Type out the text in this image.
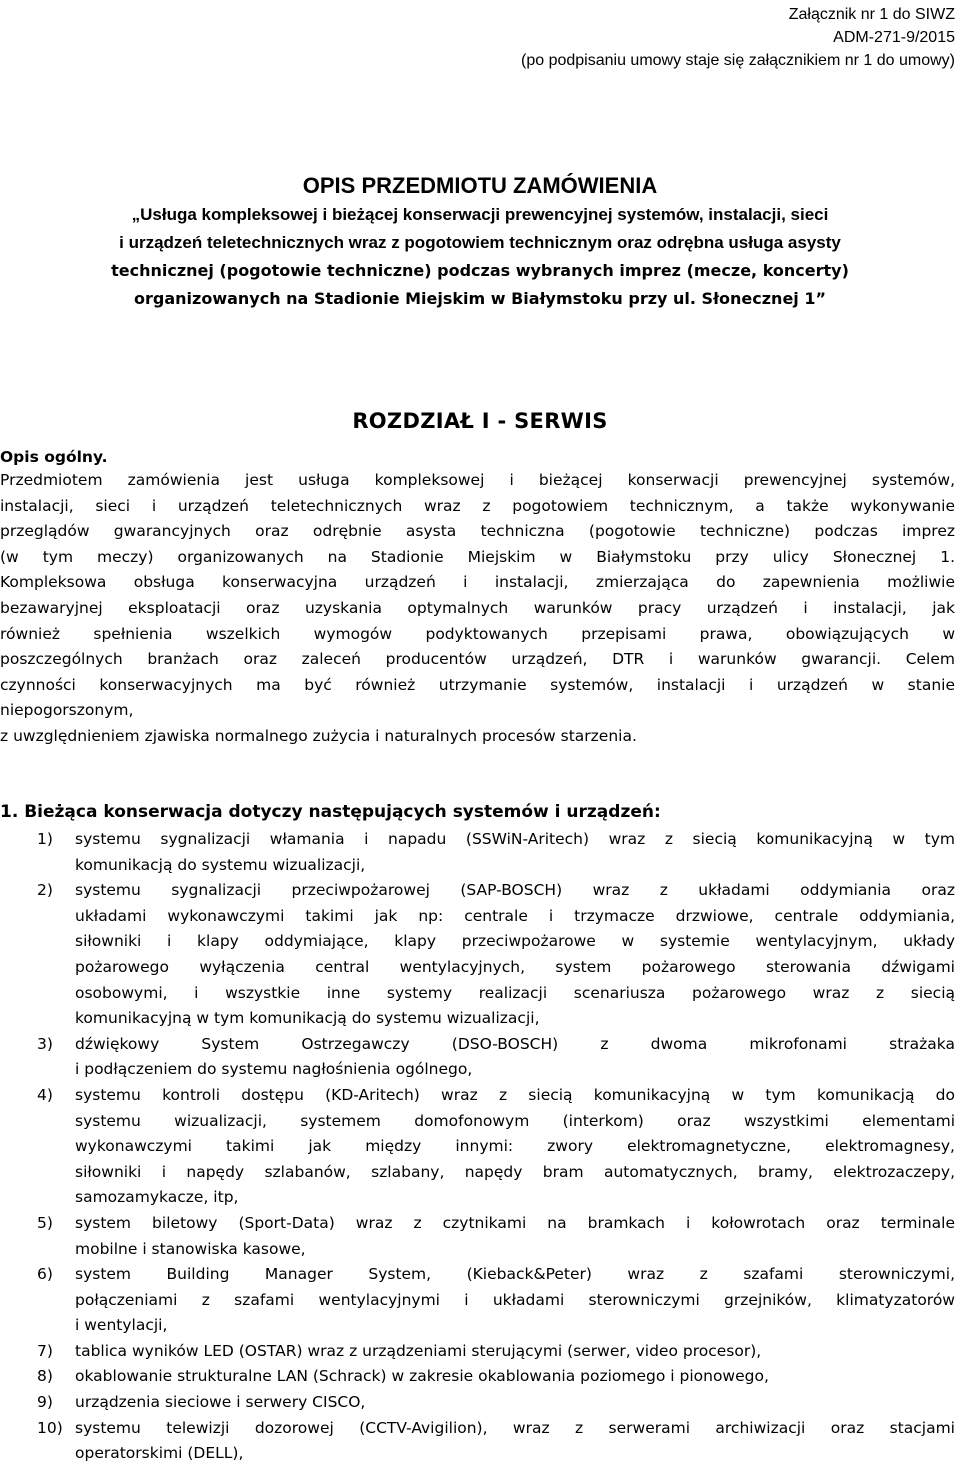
Załącznik nr 1 do SIWZ
ADM-271-9/2015
(po podpisaniu umowy staje się załącznikiem nr 1 do umowy)
OPIS PRZEDMIOTU ZAMÓWIENIA
„Usługa kompleksowej i bieżącej konserwacji prewencyjnej systemów, instalacji, sieci
i urządzeń teletechnicznych wraz z pogotowiem technicznym oraz odrębna usługa asysty
technicznej (pogotowie techniczne) podczas wybranych imprez (mecze, koncerty)
organizowanych na Stadionie Miejskim w Białymstoku przy ul. Słonecznej 1”
ROZDZIAŁ I - SERWIS
Opis ogólny.
Przedmiotem zamówienia jest usługa kompleksowej i bieżącej konserwacji prewencyjnej systemów,
instalacji, sieci i urządzeń teletechnicznych wraz z pogotowiem technicznym, a także wykonywanie
przeglądów gwarancyjnych oraz odrębnie asysta techniczna (pogotowie techniczne) podczas imprez
(w tym meczy) organizowanych na Stadionie Miejskim w Białymstoku przy ulicy Słonecznej 1.
Kompleksowa obsługa konserwacyjna urządzeń i instalacji, zmierzająca do zapewnienia możliwie
bezawaryjnej eksploatacji oraz uzyskania optymalnych warunków pracy urządzeń i instalacji, jak
również spełnienia wszelkich wymogów podyktowanych przepisami prawa, obowiązujących w
poszczególnych branżach oraz zaleceń producentów urządzeń, DTR i warunków gwarancji. Celem
czynności konserwacyjnych ma być również utrzymanie systemów, instalacji i urządzeń w stanie
niepogorszonym,
z uwzględnieniem zjawiska normalnego zużycia i naturalnych procesów starzenia.
1. Bieżąca konserwacja dotyczy następujących systemów i urządzeń:
1) systemu sygnalizacji włamania i napadu (SSWiN-Aritech) wraz z siecią komunikacyjną w tym
komunikacją do systemu wizualizacji,
2) systemu sygnalizacji przeciwpożarowej (SAP-BOSCH) wraz z układami oddymiania oraz
układami wykonawczymi takimi jak np: centrale i trzymacze drzwiowe, centrale oddymiania,
siłowniki i klapy oddymiające, klapy przeciwpożarowe w systemie wentylacyjnym, układy
pożarowego wyłączenia central wentylacyjnych, system pożarowego sterowania dźwigami
osobowymi, i wszystkie inne systemy realizacji scenariusza pożarowego wraz z siecią
komunikacyjną w tym komunikacją do systemu wizualizacji,
3) dźwiękowy System Ostrzegawczy (DSO-BOSCH) z dwoma mikrofonami strażaka
i podłączeniem do systemu nagłośnienia ogólnego,
4) systemu kontroli dostępu (KD-Aritech) wraz z siecią komunikacyjną w tym komunikacją do
systemu wizualizacji, systemem domofonowym (interkom) oraz wszystkimi elementami
wykonawczymi takimi jak między innymi: zwory elektromagnetyczne, elektromagnesy,
siłowniki i napędy szlabanów, szlabany, napędy bram automatycznych, bramy, elektrozaczepy,
samozamykacze, itp,
5) system biletowy (Sport-Data) wraz z czytnikami na bramkach i kołowrotach oraz terminale
mobilne i stanowiska kasowe,
6) system Building Manager System, (Kieback&Peter) wraz z szafami sterowniczymi,
połączeniami z szafami wentylacyjnymi i układami sterowniczymi grzejników, klimatyzatorów
i wentylacji,
7) tablica wyników LED (OSTAR) wraz z urządzeniami sterującymi (serwer, video procesor),
8) okablowanie strukturalne LAN (Schrack) w zakresie okablowania poziomego i pionowego,
9) urządzenia sieciowe i serwery CISCO,
10) systemu telewizji dozorowej (CCTV-Avigilion), wraz z serwerami archiwizacji oraz stacjami
operatorskimi (DELL),
